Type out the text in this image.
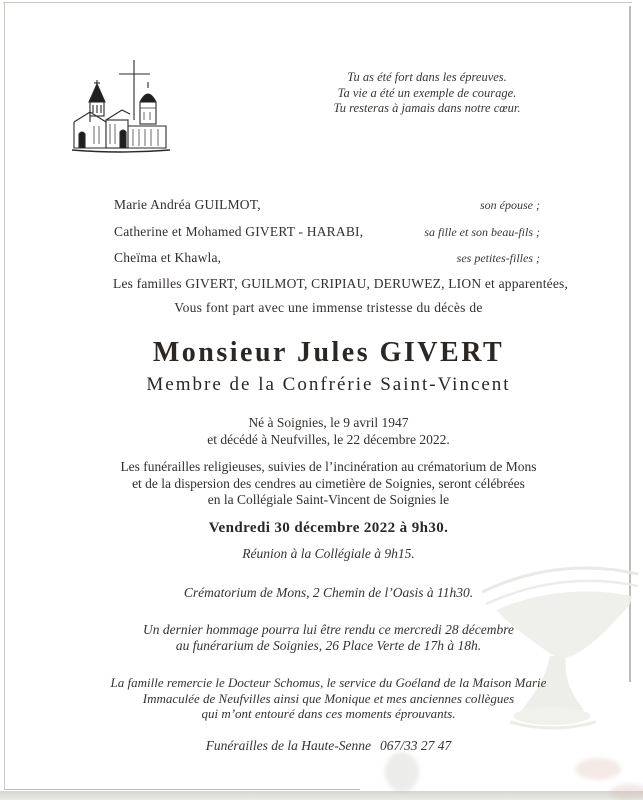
Tu as été fort dans les épreuves.
Ta vie a été un exemple de courage.
Tu resteras à jamais dans notre cœur.
Marie Andréa GUILMOT,	son épouse ;
Catherine et Mohamed GIVERT - HARABI,	sa fille et son beau-fils ;
Cheïma et Khawla,	ses petites-filles ;
Les familles GIVERT, GUILMOT, CRIPIAU, DERUWEZ, LION et apparentées,
Vous font part avec une immense tristesse du décès de
Monsieur Jules GIVERT
Membre de la Confrérie Saint-Vincent
Né à Soignies, le 9 avril 1947
et décédé à Neufvilles, le 22 décembre 2022.
Les funérailles religieuses, suivies de l’incinération au crématorium de Mons
et de la dispersion des cendres au cimetière de Soignies, seront célébrées
en la Collégiale Saint-Vincent de Soignies le
Vendredi 30 décembre 2022 à 9h30.
Réunion à la Collégiale à 9h15.
Crématorium de Mons, 2 Chemin de l’Oasis à 11h30.
Un dernier hommage pourra lui être rendu ce mercredi 28 décembre
au funérarium de Soignies, 26 Place Verte de 17h à 18h.
La famille remercie le Docteur Schomus, le service du Goéland de la Maison Marie
Immaculée de Neufvilles ainsi que Monique et mes anciennes collègues
qui m’ont entouré dans ces moments éprouvants.
Funérailles de la Haute-Senne 067/33 27 47
